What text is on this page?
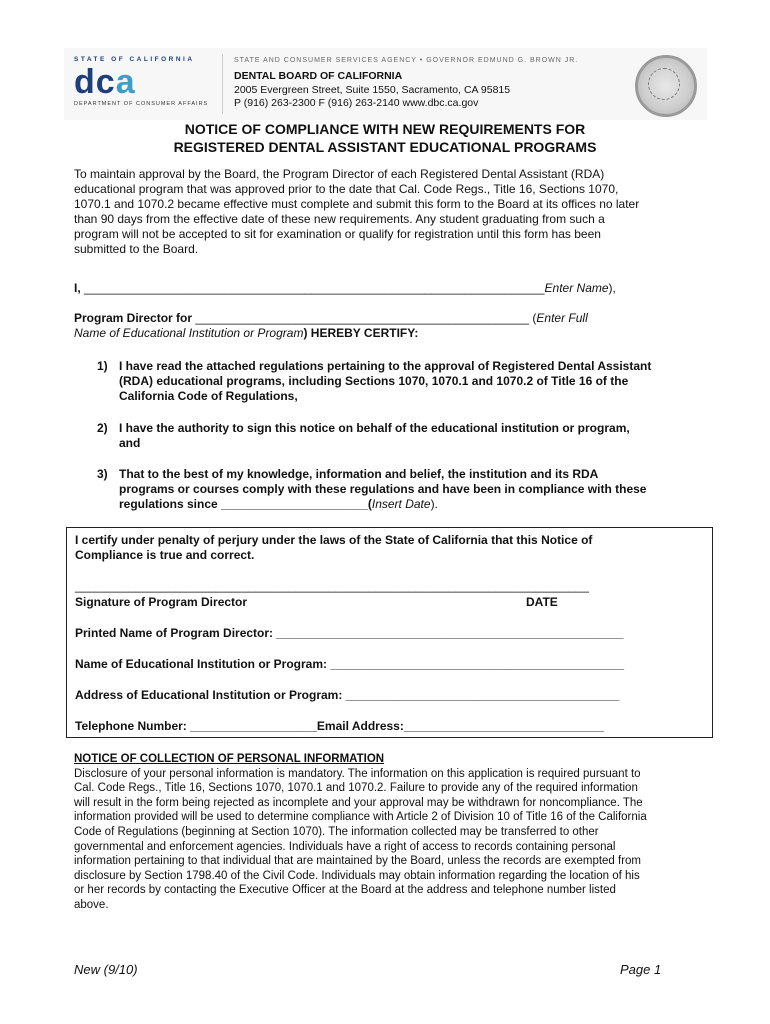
STATE OF CALIFORNIA
dca
DEPARTMENT OF CONSUMER AFFAIRS
STATE AND CONSUMER SERVICES AGENCY • GOVERNOR EDMUND G. BROWN JR.
DENTAL BOARD OF CALIFORNIA
2005 Evergreen Street, Suite 1550, Sacramento, CA 95815
P (916) 263-2300 F (916) 263-2140 www.dbc.ca.gov
NOTICE OF COMPLIANCE WITH NEW REQUIREMENTS FOR
REGISTERED DENTAL ASSISTANT EDUCATIONAL PROGRAMS
To maintain approval by the Board, the Program Director of each Registered Dental Assistant (RDA)
educational program that was approved prior to the date that Cal. Code Regs., Title 16, Sections 1070,
1070.1 and 1070.2 became effective must complete and submit this form to the Board at its offices no later
than 90 days from the effective date of these new requirements. Any student graduating from such a
program will not be accepted to sit for examination or qualify for registration until this form has been
submitted to the Board.
I, _____________________________________________________________________Enter Name),
Program Director for __________________________________________________ (Enter Full
Name of Educational Institution or Program) HEREBY CERTIFY:
1) I have read the attached regulations pertaining to the approval of Registered Dental Assistant
(RDA) educational programs, including Sections 1070, 1070.1 and 1070.2 of Title 16 of the
California Code of Regulations,
2) I have the authority to sign this notice on behalf of the educational institution or program,
and
3) That to the best of my knowledge, information and belief, the institution and its RDA
programs or courses comply with these regulations and have been in compliance with these
regulations since ______________________(Insert Date).
I certify under penalty of perjury under the laws of the State of California that this Notice of
Compliance is true and correct.
_____________________________________________________________________________
Signature of Program Director	DATE
Printed Name of Program Director: ____________________________________________________
Name of Educational Institution or Program: ____________________________________________
Address of Educational Institution or Program: _________________________________________
Telephone Number: ___________________Email Address:______________________________
NOTICE OF COLLECTION OF PERSONAL INFORMATION
Disclosure of your personal information is mandatory. The information on this application is required pursuant to
Cal. Code Regs., Title 16, Sections 1070, 1070.1 and 1070.2. Failure to provide any of the required information
will result in the form being rejected as incomplete and your approval may be withdrawn for noncompliance. The
information provided will be used to determine compliance with Article 2 of Division 10 of Title 16 of the California
Code of Regulations (beginning at Section 1070). The information collected may be transferred to other
governmental and enforcement agencies. Individuals have a right of access to records containing personal
information pertaining to that individual that are maintained by the Board, unless the records are exempted from
disclosure by Section 1798.40 of the Civil Code. Individuals may obtain information regarding the location of his
or her records by contacting the Executive Officer at the Board at the address and telephone number listed
above.
New (9/10)	Page 1
